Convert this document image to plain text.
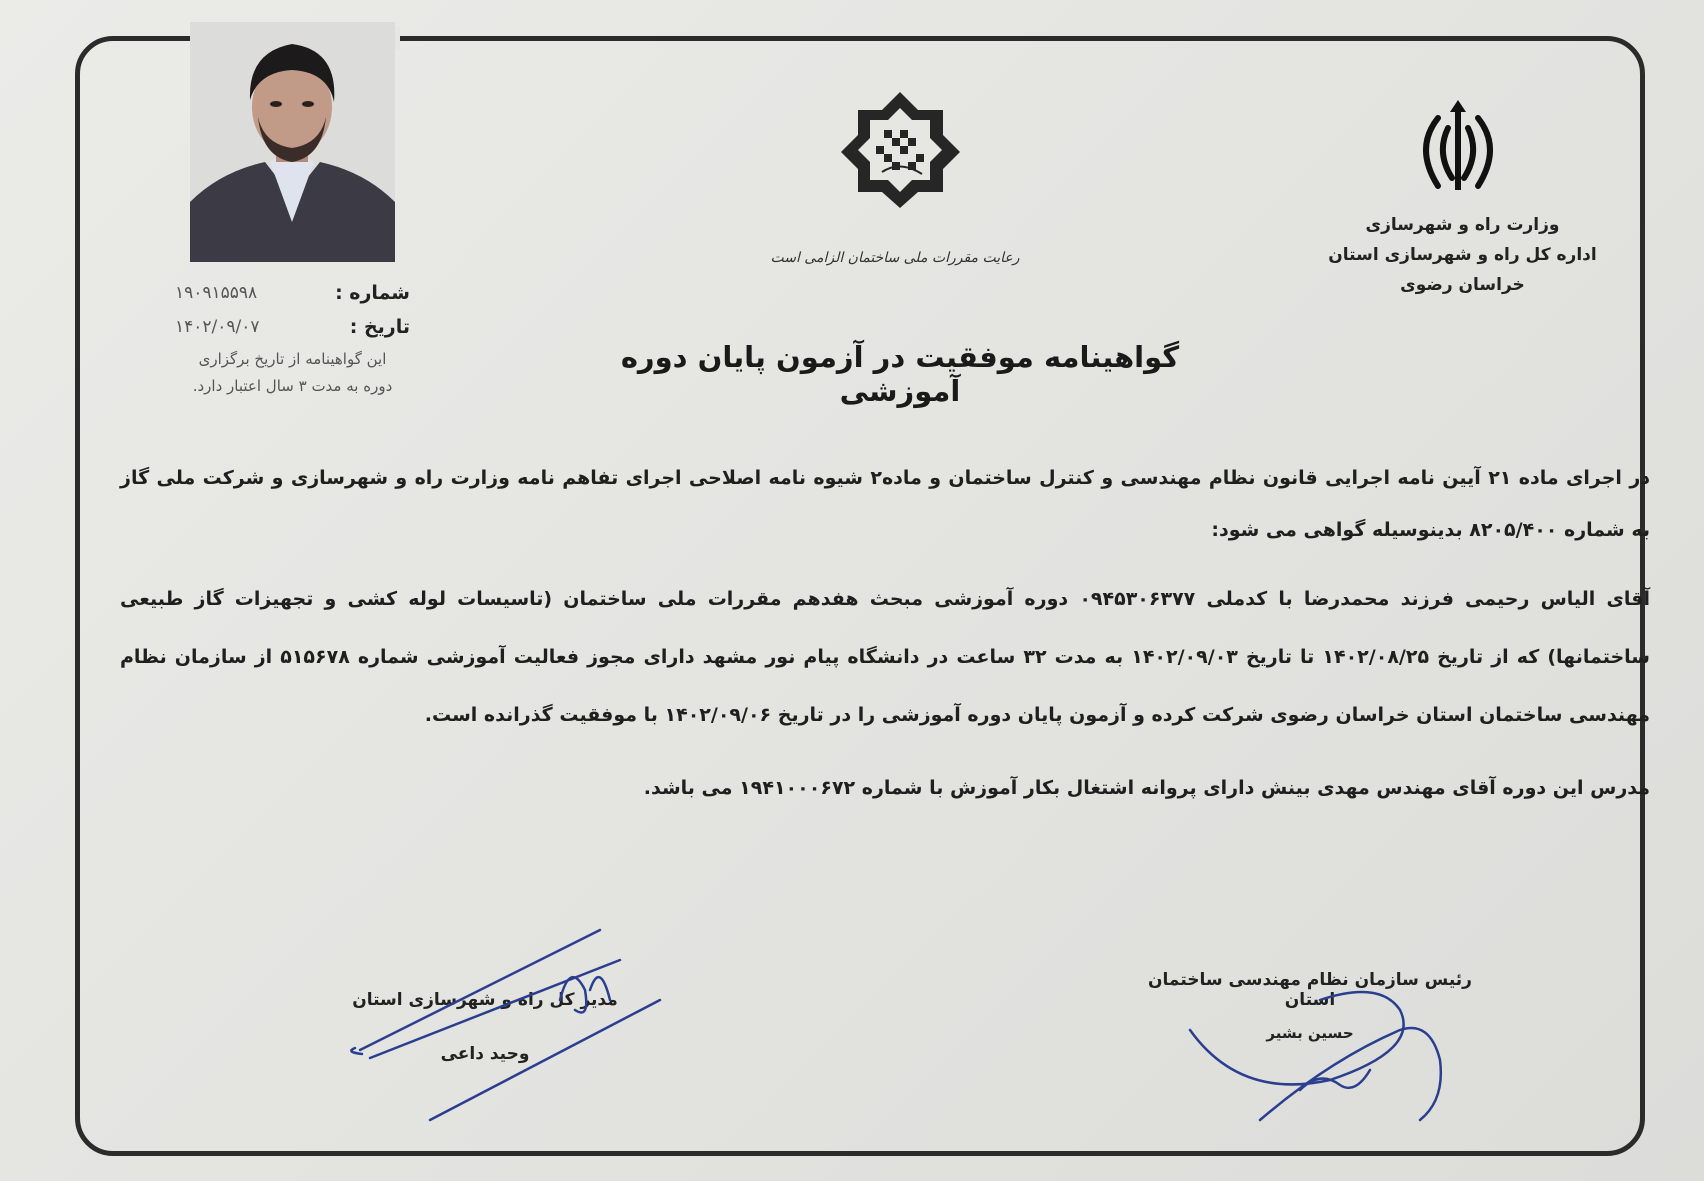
شماره :
۱۹۰۹۱۵۵۹۸
تاریخ :
۱۴۰۲/۰۹/۰۷
این گواهینامه از تاریخ برگزاری
دوره به مدت ۳ سال اعتبار دارد.
رعایت مقررات ملی ساختمان الزامی است
وزارت راه و شهرسازی
اداره کل راه و شهرسازی استان
خراسان رضوی
گواهینامه موفقیت در آزمون پایان دوره آموزشی

در اجرای ماده ۲۱ آیین نامه اجرایی قانون نظام مهندسی و کنترل ساختمان و ماده۲ شیوه نامه اصلاحی اجرای تفاهم نامه وزارت راه و شهرسازی و شرکت ملی گاز به شماره ۸۲۰۵/۴۰۰ بدینوسیله گواهی می شود:

آقای الیاس رحیمی فرزند محمدرضا با کدملی ۰۹۴۵۳۰۶۳۷۷ دوره آموزشی مبحث هفدهم مقررات ملی ساختمان (تاسیسات لوله کشی و تجهیزات گاز طبیعی ساختمانها) که از تاریخ ۱۴۰۲/۰۸/۲۵ تا تاریخ ۱۴۰۲/۰۹/۰۳ به مدت ۳۲ ساعت در دانشگاه پیام نور مشهد دارای مجوز فعالیت آموزشی شماره ۵۱۵۶۷۸ از سازمان نظام مهندسی ساختمان استان خراسان رضوی شرکت کرده و آزمون پایان دوره آموزشی را در تاریخ ۱۴۰۲/۰۹/۰۶ با موفقیت گذرانده است.

مدرس این دوره آقای مهندس مهدی بینش دارای پروانه اشتغال بکار آموزش با شماره ۱۹۴۱۰۰۰۶۷۲ می باشد.

مدیر کل راه و شهرسازی استان
وحید داعی
رئیس سازمان نظام مهندسی ساختمان استان
حسین بشیر
